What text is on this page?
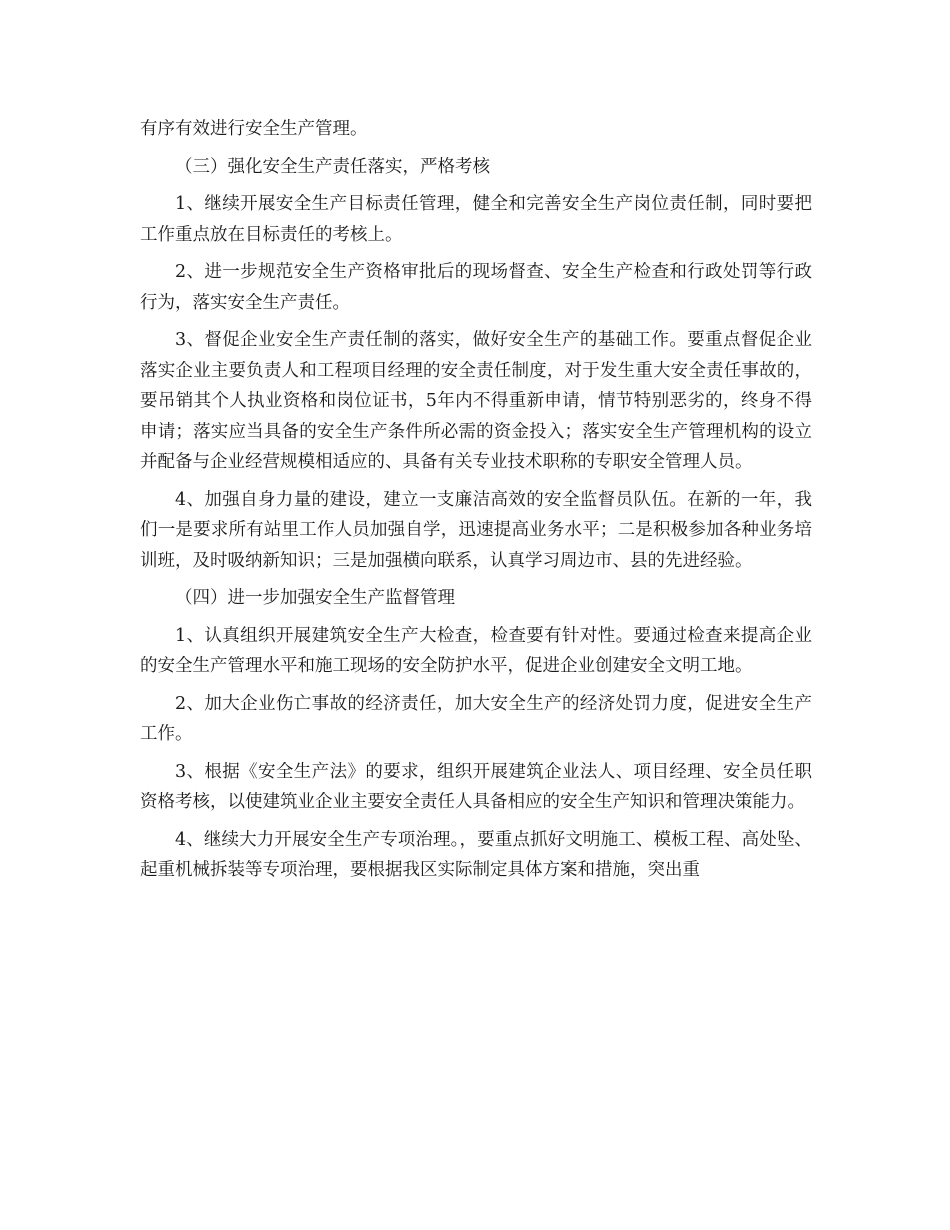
有序有效进行安全生产管理。

（三）强化安全生产责任落实，严格考核

1、继续开展安全生产目标责任管理，健全和完善安全生产岗位责任制，同时要把工作重点放在目标责任的考核上。

2、进一步规范安全生产资格审批后的现场督查、安全生产检查和行政处罚等行政行为，落实安全生产责任。

3、督促企业安全生产责任制的落实，做好安全生产的基础工作。要重点督促企业落实企业主要负责人和工程项目经理的安全责任制度，对于发生重大安全责任事故的，要吊销其个人执业资格和岗位证书，5年内不得重新申请，情节特别恶劣的，终身不得申请；落实应当具备的安全生产条件所必需的资金投入；落实安全生产管理机构的设立并配备与企业经营规模相适应的、具备有关专业技术职称的专职安全管理人员。

4、加强自身力量的建设，建立一支廉洁高效的安全监督员队伍。在新的一年，我们一是要求所有站里工作人员加强自学，迅速提高业务水平；二是积极参加各种业务培训班，及时吸纳新知识；三是加强横向联系，认真学习周边市、县的先进经验。

（四）进一步加强安全生产监督管理

1、认真组织开展建筑安全生产大检查，检查要有针对性。要通过检查来提高企业的安全生产管理水平和施工现场的安全防护水平，促进企业创建安全文明工地。

2、加大企业伤亡事故的经济责任，加大安全生产的经济处罚力度，促进安全生产工作。

3、根据《安全生产法》的要求，组织开展建筑企业法人、项目经理、安全员任职资格考核，以使建筑业企业主要安全责任人具备相应的安全生产知识和管理决策能力。

4、继续大力开展安全生产专项治理。，要重点抓好文明施工、模板工程、高处坠、起重机械拆装等专项治理，要根据我区实际制定具体方案和措施，突出重
